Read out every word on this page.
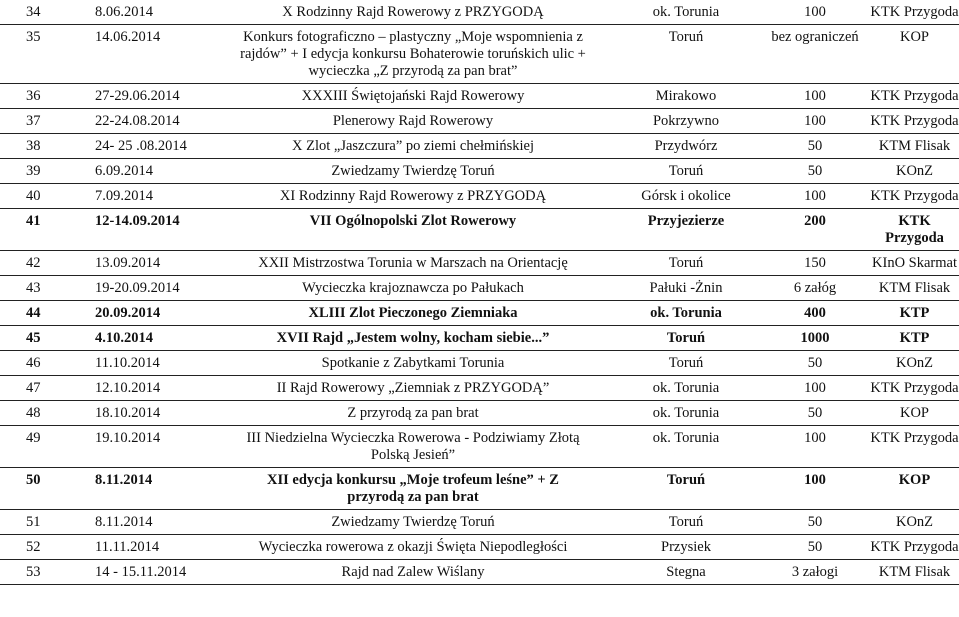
34	8.06.2014	X Rodzinny Rajd Rowerowy z PRZYGODĄ	ok. Torunia	100	KTK Przygoda
35	14.06.2014	Konkurs fotograficzno – plastyczny „Moje wspomnienia z rajdów” + I edycja konkursu Bohaterowie toruńskich ulic + wycieczka „Z przyrodą za pan brat”	Toruń	bez ograniczeń	KOP
36	27-29.06.2014	XXXIII Świętojański Rajd Rowerowy	Mirakowo	100	KTK Przygoda
37	22-24.08.2014	Plenerowy Rajd Rowerowy	Pokrzywno	100	KTK Przygoda
38	24- 25 .08.2014	X Zlot „Jaszczura” po ziemi chełmińskiej	Przydwórz	50	KTM Flisak
39	6.09.2014	Zwiedzamy Twierdzę Toruń	Toruń	50	KOnZ
40	7.09.2014	XI Rodzinny Rajd Rowerowy z PRZYGODĄ	Górsk i okolice	100	KTK Przygoda
41	12-14.09.2014	VII Ogólnopolski Zlot Rowerowy	Przyjezierze	200	KTK Przygoda

42	13.09.2014	XXII Mistrzostwa Torunia w Marszach na Orientację	Toruń	150	KInO Skarmat
43	19-20.09.2014	Wycieczka krajoznawcza po Pałukach	Pałuki -Żnin	6 załóg	KTM Flisak
44	20.09.2014	XLIII Zlot Pieczonego Ziemniaka	ok. Torunia	400	KTP
45	4.10.2014	XVII Rajd „Jestem wolny, kocham siebie...”	Toruń	1000	KTP
46	11.10.2014	Spotkanie z Zabytkami Torunia	Toruń	50	KOnZ
47	12.10.2014	II Rajd Rowerowy „Ziemniak z PRZYGODĄ”	ok. Torunia	100	KTK Przygoda
48	18.10.2014	Z przyrodą za pan brat	ok. Torunia	50	KOP
49	19.10.2014	III Niedzielna Wycieczka Rowerowa - Podziwiamy Złotą Polską Jesień”	ok. Torunia	100	KTK Przygoda
50	8.11.2014	XII edycja konkursu „Moje trofeum leśne” + Z przyrodą za pan brat	Toruń	100	KOP
51	8.11.2014	Zwiedzamy Twierdzę Toruń	Toruń	50	KOnZ
52	11.11.2014	Wycieczka rowerowa z okazji Święta Niepodległości	Przysiek	50	KTK Przygoda
53	14 - 15.11.2014	Rajd nad Zalew Wiślany	Stegna	3 załogi	KTM Flisak
